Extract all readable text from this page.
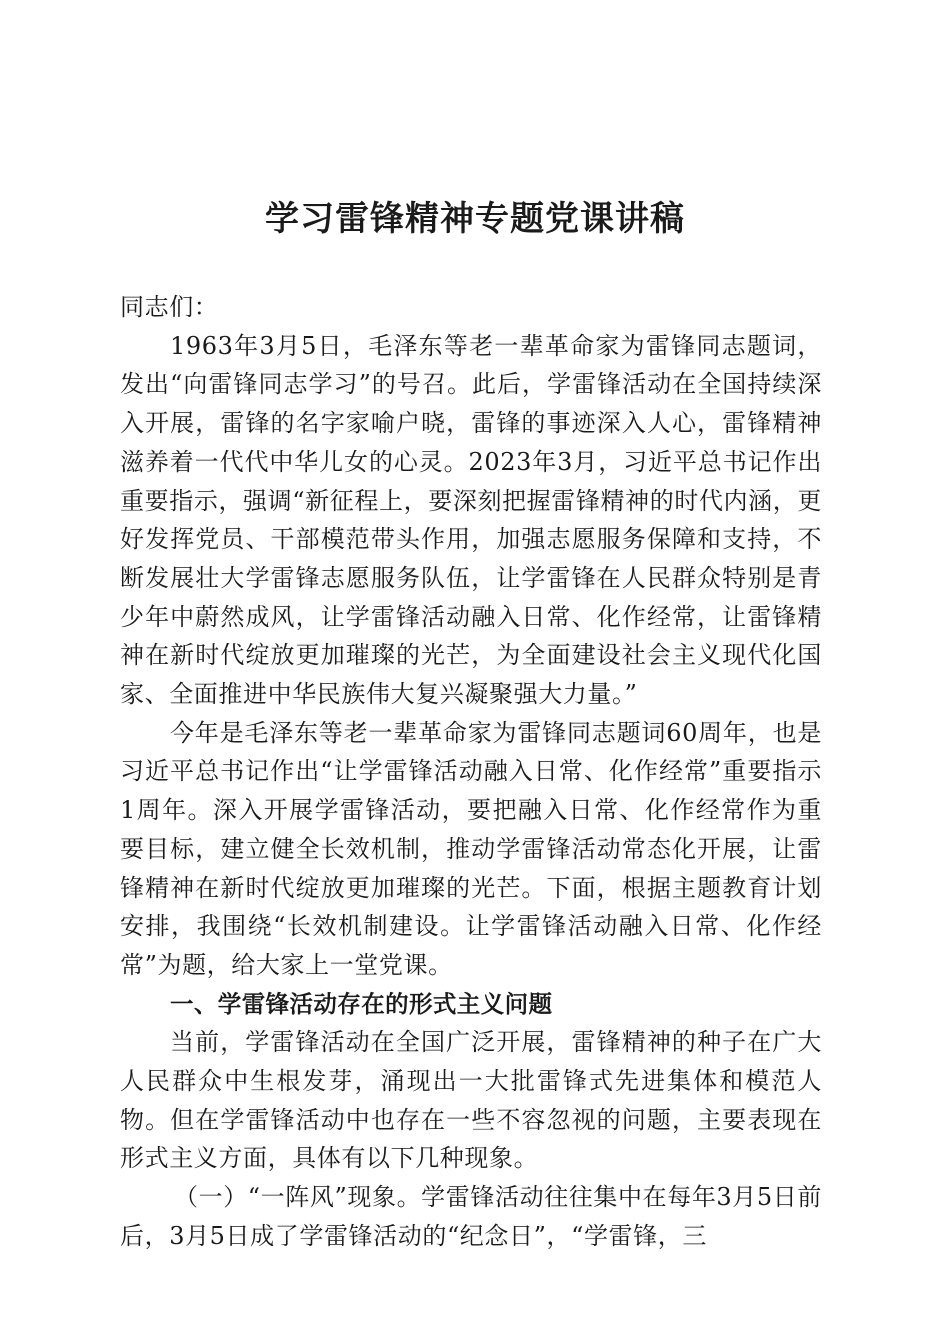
学习雷锋精神专题党课讲稿

同志们：

1963年3月5日，毛泽东等老一辈革命家为雷锋同志题词，发出“向雷锋同志学习”的号召。此后，学雷锋活动在全国持续深入开展，雷锋的名字家喻户晓，雷锋的事迹深入人心，雷锋精神滋养着一代代中华儿女的心灵。2023年3月，习近平总书记作出重要指示，强调“新征程上，要深刻把握雷锋精神的时代内涵，更好发挥党员、干部模范带头作用，加强志愿服务保障和支持，不断发展壮大学雷锋志愿服务队伍，让学雷锋在人民群众特别是青少年中蔚然成风，让学雷锋活动融入日常、化作经常，让雷锋精神在新时代绽放更加璀璨的光芒，为全面建设社会主义现代化国家、全面推进中华民族伟大复兴凝聚强大力量。”

今年是毛泽东等老一辈革命家为雷锋同志题词60周年，也是习近平总书记作出“让学雷锋活动融入日常、化作经常”重要指示1周年。深入开展学雷锋活动，要把融入日常、化作经常作为重要目标，建立健全长效机制，推动学雷锋活动常态化开展，让雷锋精神在新时代绽放更加璀璨的光芒。下面，根据主题教育计划安排，我围绕“长效机制建设。让学雷锋活动融入日常、化作经常”为题，给大家上一堂党课。

一、学雷锋活动存在的形式主义问题

当前，学雷锋活动在全国广泛开展，雷锋精神的种子在广大人民群众中生根发芽，涌现出一大批雷锋式先进集体和模范人物。但在学雷锋活动中也存在一些不容忽视的问题，主要表现在形式主义方面，具体有以下几种现象。

（一）“一阵风”现象。学雷锋活动往往集中在每年3月5日前后，3月5日成了学雷锋活动的“纪念日”，“学雷锋，三
